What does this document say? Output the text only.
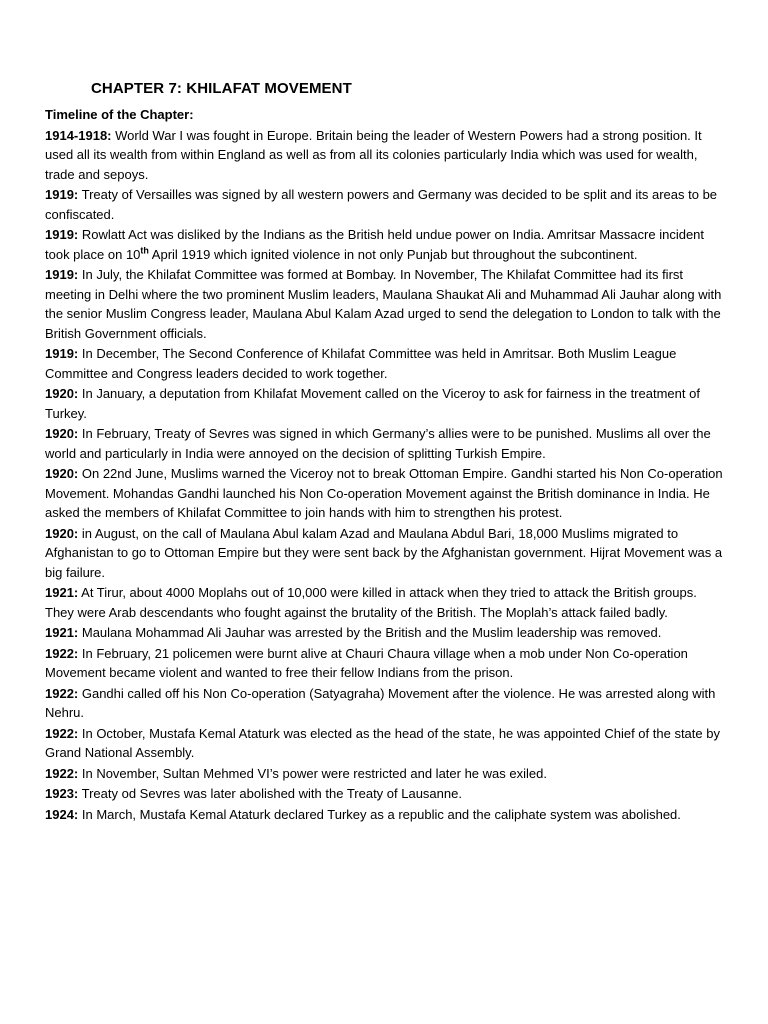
CHAPTER 7: KHILAFAT MOVEMENT
Timeline of the Chapter:
1914-1918: World War I was fought in Europe. Britain being the leader of Western Powers had a strong position. It used all its wealth from within England as well as from all its colonies particularly India which was used for wealth, trade and sepoys.
1919: Treaty of Versailles was signed by all western powers and Germany was decided to be split and its areas to be confiscated.
1919: Rowlatt Act was disliked by the Indians as the British held undue power on India. Amritsar Massacre incident took place on 10th April 1919 which ignited violence in not only Punjab but throughout the subcontinent.
1919: In July, the Khilafat Committee was formed at Bombay. In November, The Khilafat Committee had its first meeting in Delhi where the two prominent Muslim leaders, Maulana Shaukat Ali and Muhammad Ali Jauhar along with the senior Muslim Congress leader, Maulana Abul Kalam Azad urged to send the delegation to London to talk with the British Government officials.
1919: In December, The Second Conference of Khilafat Committee was held in Amritsar. Both Muslim League Committee and Congress leaders decided to work together.
1920: In January, a deputation from Khilafat Movement called on the Viceroy to ask for fairness in the treatment of Turkey.
1920: In February, Treaty of Sevres was signed in which Germany’s allies were to be punished. Muslims all over the world and particularly in India were annoyed on the decision of splitting Turkish Empire.
1920: On 22nd June, Muslims warned the Viceroy not to break Ottoman Empire. Gandhi started his Non Co-operation Movement. Mohandas Gandhi launched his Non Co-operation Movement against the British dominance in India. He asked the members of Khilafat Committee to join hands with him to strengthen his protest.
1920: in August, on the call of Maulana Abul kalam Azad and Maulana Abdul Bari, 18,000 Muslims migrated to Afghanistan to go to Ottoman Empire but they were sent back by the Afghanistan government. Hijrat Movement was a big failure.
1921: At Tirur, about 4000 Moplahs out of 10,000 were killed in attack when they tried to attack the British groups. They were Arab descendants who fought against the brutality of the British. The Moplah’s attack failed badly.
1921: Maulana Mohammad Ali Jauhar was arrested by the British and the Muslim leadership was removed.
1922: In February, 21 policemen were burnt alive at Chauri Chaura village when a mob under Non Co-operation Movement became violent and wanted to free their fellow Indians from the prison.
1922: Gandhi called off his Non Co-operation (Satyagraha) Movement after the violence. He was arrested along with Nehru.
1922: In October, Mustafa Kemal Ataturk was elected as the head of the state, he was appointed Chief of the state by Grand National Assembly.
1922: In November, Sultan Mehmed VI’s power were restricted and later he was exiled.
1923: Treaty od Sevres was later abolished with the Treaty of Lausanne.
1924: In March, Mustafa Kemal Ataturk declared Turkey as a republic and the caliphate system was abolished.
